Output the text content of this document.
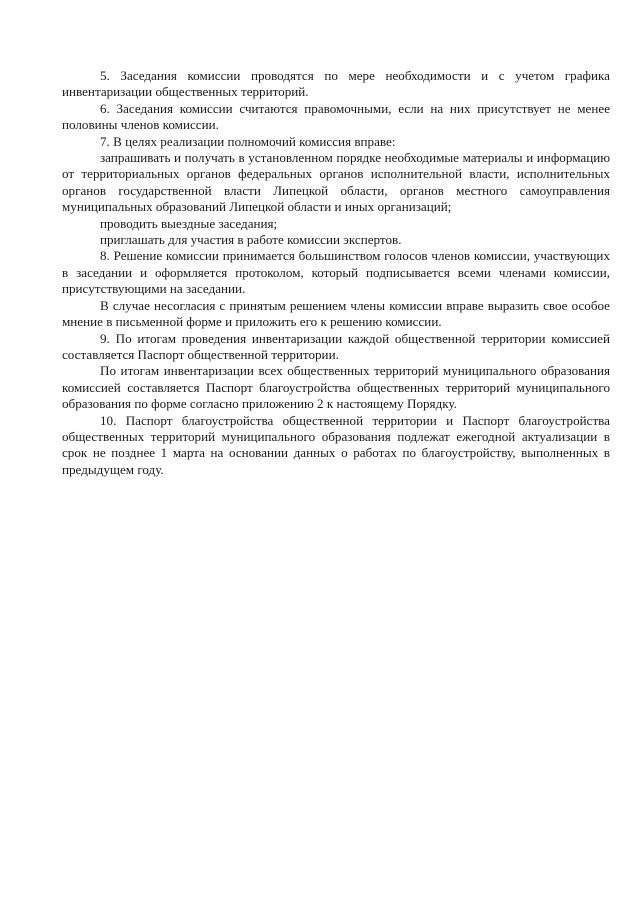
5. Заседания комиссии проводятся по мере необходимости и с учетом графика инвентаризации общественных территорий.

6. Заседания комиссии считаются правомочными, если на них присутствует не менее половины членов комиссии.

7. В целях реализации полномочий комиссия вправе:

запрашивать и получать в установленном порядке необходимые материалы и информацию от территориальных органов федеральных органов исполнительной власти, исполнительных органов государственной власти Липецкой области, органов местного самоуправления муниципальных образований Липецкой области и иных организаций;

проводить выездные заседания;

приглашать для участия в работе комиссии экспертов.

8. Решение комиссии принимается большинством голосов членов комиссии, участвующих в заседании и оформляется протоколом, который подписывается всеми членами комиссии, присутствующими на заседании.

В случае несогласия с принятым решением члены комиссии вправе выразить свое особое мнение в письменной форме и приложить его к решению комиссии.

9. По итогам проведения инвентаризации каждой общественной территории комиссией составляется Паспорт общественной территории.

По итогам инвентаризации всех общественных территорий муниципального образования комиссией составляется Паспорт благоустройства общественных территорий муниципального образования по форме согласно приложению 2 к настоящему Порядку.

10. Паспорт благоустройства общественной территории и Паспорт благоустройства общественных территорий муниципального образования подлежат ежегодной актуализации в срок не позднее 1 марта на основании данных о работах по благоустройству, выполненных в предыдущем году.
